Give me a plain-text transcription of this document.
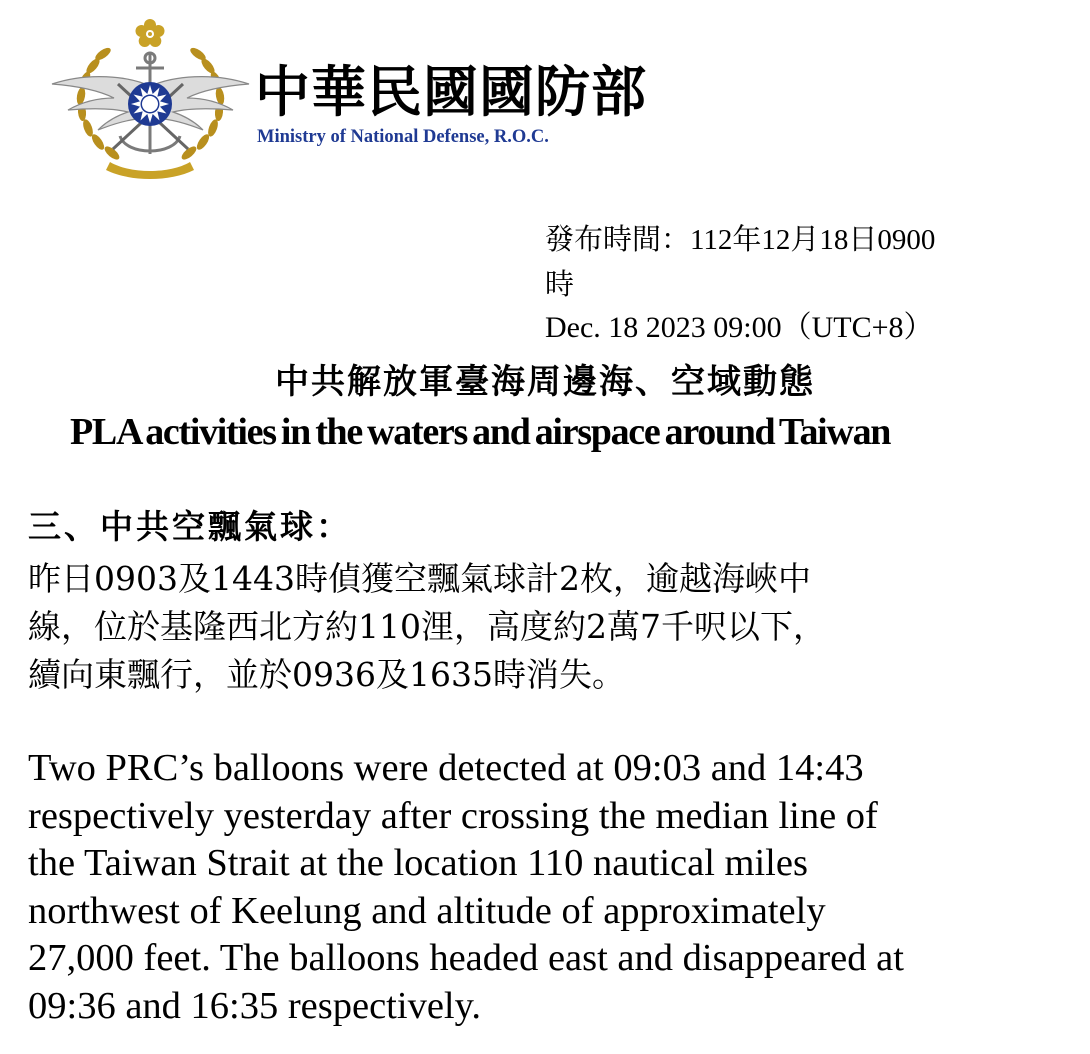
中華民國國防部
Ministry of National Defense, R.O.C.
發布時間：112年12月18日0900
時
Dec. 18 2023 09:00（UTC+8）
中共解放軍臺海周邊海、空域動態
PLA activities in the waters and airspace around Taiwan
三、中共空飄氣球：
昨日0903及1443時偵獲空飄氣球計2枚，逾越海峽中
線，位於基隆西北方約110浬，高度約2萬7千呎以下，
續向東飄行，並於0936及1635時消失。
Two PRC’s balloons were detected at 09:03 and 14:43
respectively yesterday after crossing the median line of
the Taiwan Strait at the location 110 nautical miles
northwest of Keelung and altitude of approximately
27,000 feet. The balloons headed east and disappeared at
09:36 and 16:35 respectively.
